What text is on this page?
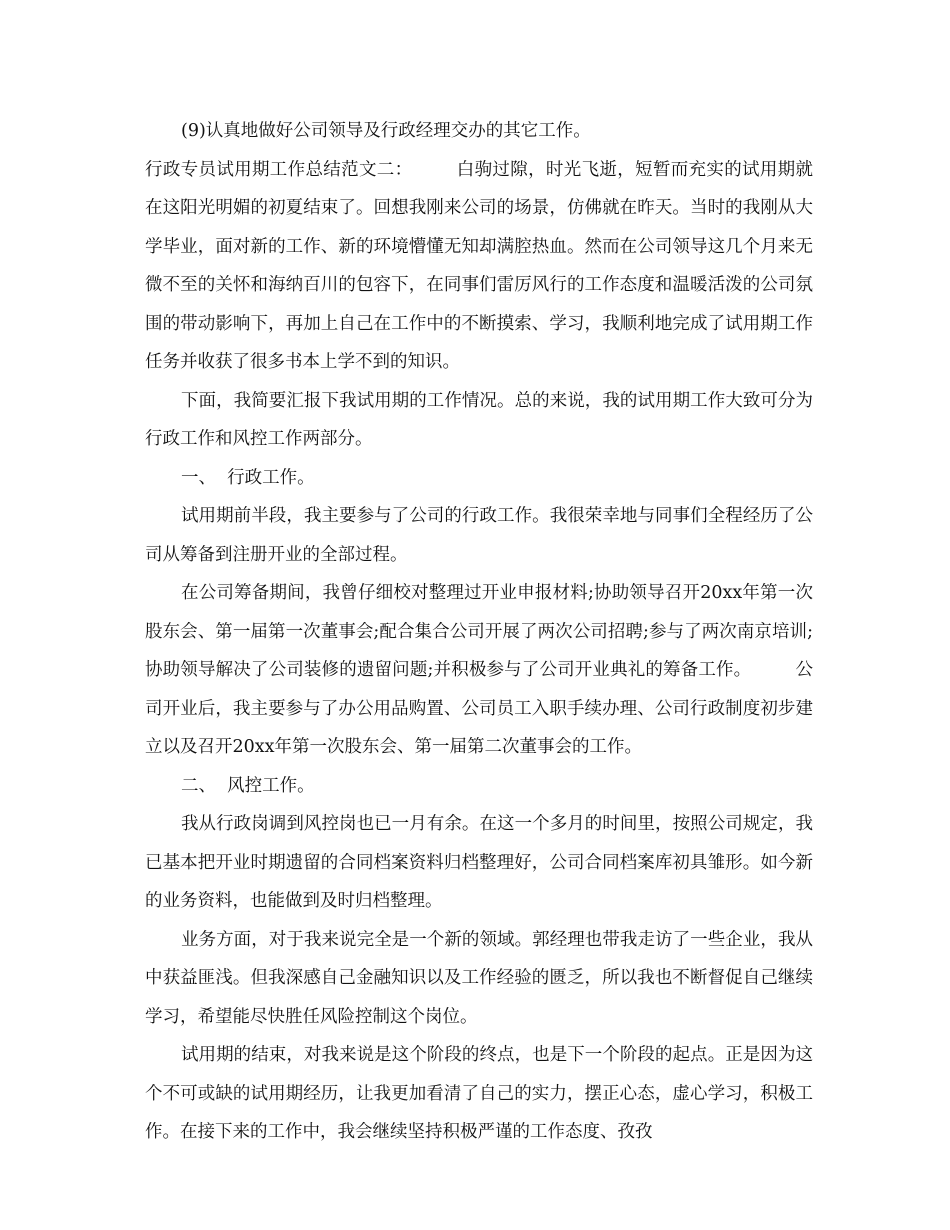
(9)认真地做好公司领导及行政经理交办的其它工作。

行政专员试用期工作总结范文二：	白驹过隙，时光飞逝，短暂而充实的试用期就在这阳光明媚的初夏结束了。回想我刚来公司的场景，仿佛就在昨天。当时的我刚从大学毕业，面对新的工作、新的环境懵懂无知却满腔热血。然而在公司领导这几个月来无微不至的关怀和海纳百川的包容下，在同事们雷厉风行的工作态度和温暖活泼的公司氛围的带动影响下，再加上自己在工作中的不断摸索、学习，我顺利地完成了试用期工作任务并收获了很多书本上学不到的知识。

下面，我简要汇报下我试用期的工作情况。总的来说，我的试用期工作大致可分为行政工作和风控工作两部分。

一、  行政工作。

试用期前半段，我主要参与了公司的行政工作。我很荣幸地与同事们全程经历了公司从筹备到注册开业的全部过程。

在公司筹备期间，我曾仔细校对整理过开业申报材料;协助领导召开20xx年第一次股东会、第一届第一次董事会;配合集合公司开展了两次公司招聘;参与了两次南京培训;协助领导解决了公司装修的遗留问题;并积极参与了公司开业典礼的筹备工作。	公司开业后，我主要参与了办公用品购置、公司员工入职手续办理、公司行政制度初步建立以及召开20xx年第一次股东会、第一届第二次董事会的工作。

二、  风控工作。

我从行政岗调到风控岗也已一月有余。在这一个多月的时间里，按照公司规定，我已基本把开业时期遗留的合同档案资料归档整理好，公司合同档案库初具雏形。如今新的业务资料，也能做到及时归档整理。

业务方面，对于我来说完全是一个新的领域。郭经理也带我走访了一些企业，我从中获益匪浅。但我深感自己金融知识以及工作经验的匮乏，所以我也不断督促自己继续学习，希望能尽快胜任风险控制这个岗位。

试用期的结束，对我来说是这个阶段的终点，也是下一个阶段的起点。正是因为这个不可或缺的试用期经历，让我更加看清了自己的实力，摆正心态，虚心学习，积极工作。在接下来的工作中，我会继续坚持积极严谨的工作态度、孜孜
